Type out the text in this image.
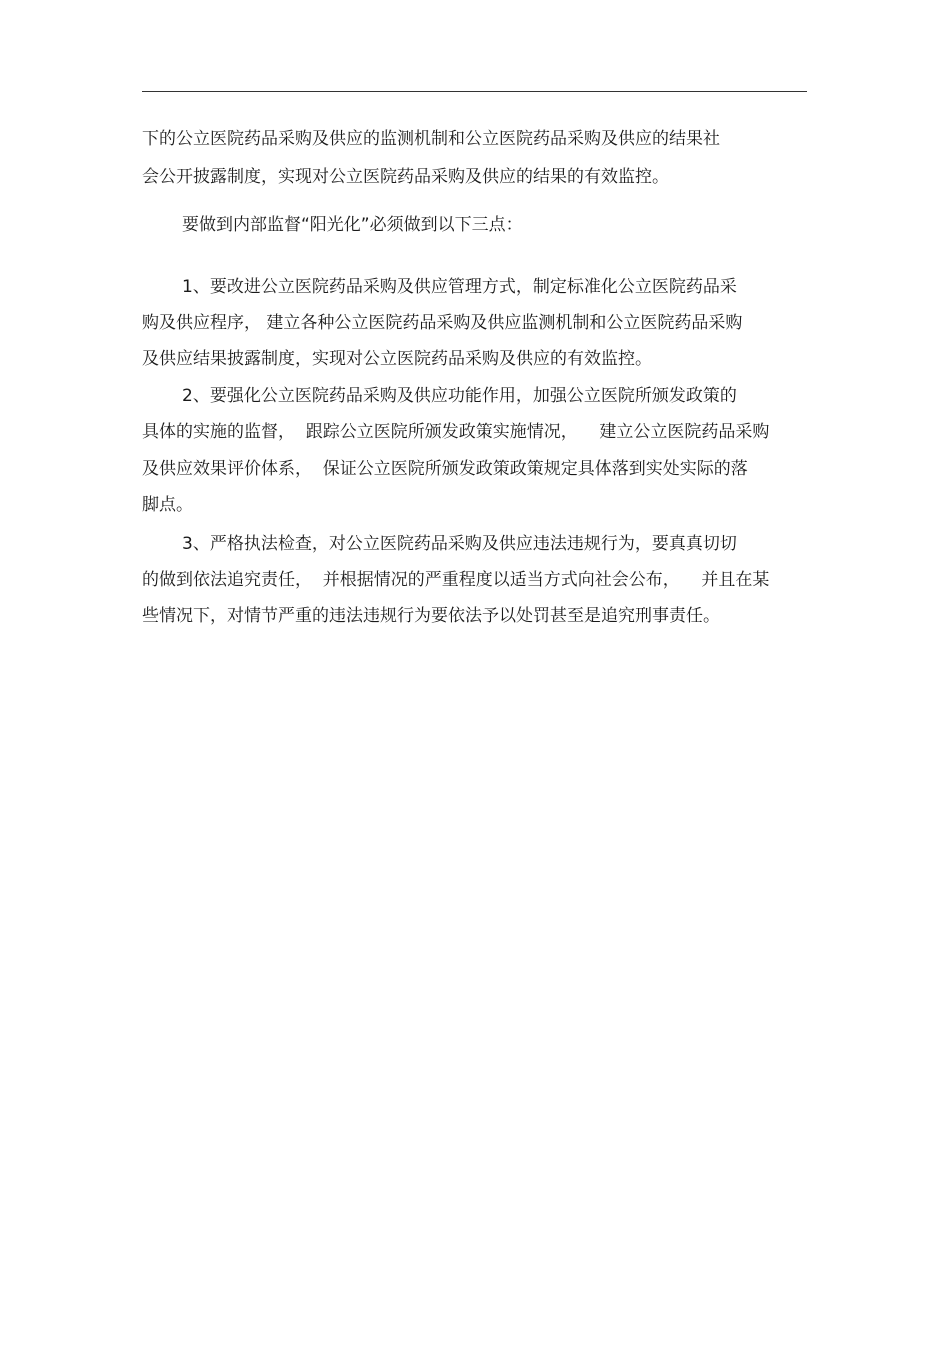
下的公立医院药品采购及供应的监测机制和公立医院药品采购及供应的结果社
会公开披露制度，实现对公立医院药品采购及供应的结果的有效监控。
要做到内部监督“阳光化”必须做到以下三点：
1、要改进公立医院药品采购及供应管理方式，制定标准化公立医院药品采
购及供应程序， 建立各种公立医院药品采购及供应监测机制和公立医院药品采购
及供应结果披露制度，实现对公立医院药品采购及供应的有效监控。
2、要强化公立医院药品采购及供应功能作用，加强公立医院所颁发政策的
具体的实施的监督，  跟踪公立医院所颁发政策实施情况，    建立公立医院药品采购
及供应效果评价体系，  保证公立医院所颁发政策政策规定具体落到实处实际的落
脚点。
3、严格执法检查，对公立医院药品采购及供应违法违规行为，要真真切切
的做到依法追究责任，  并根据情况的严重程度以适当方式向社会公布，    并且在某
些情况下，对情节严重的违法违规行为要依法予以处罚甚至是追究刑事责任。
